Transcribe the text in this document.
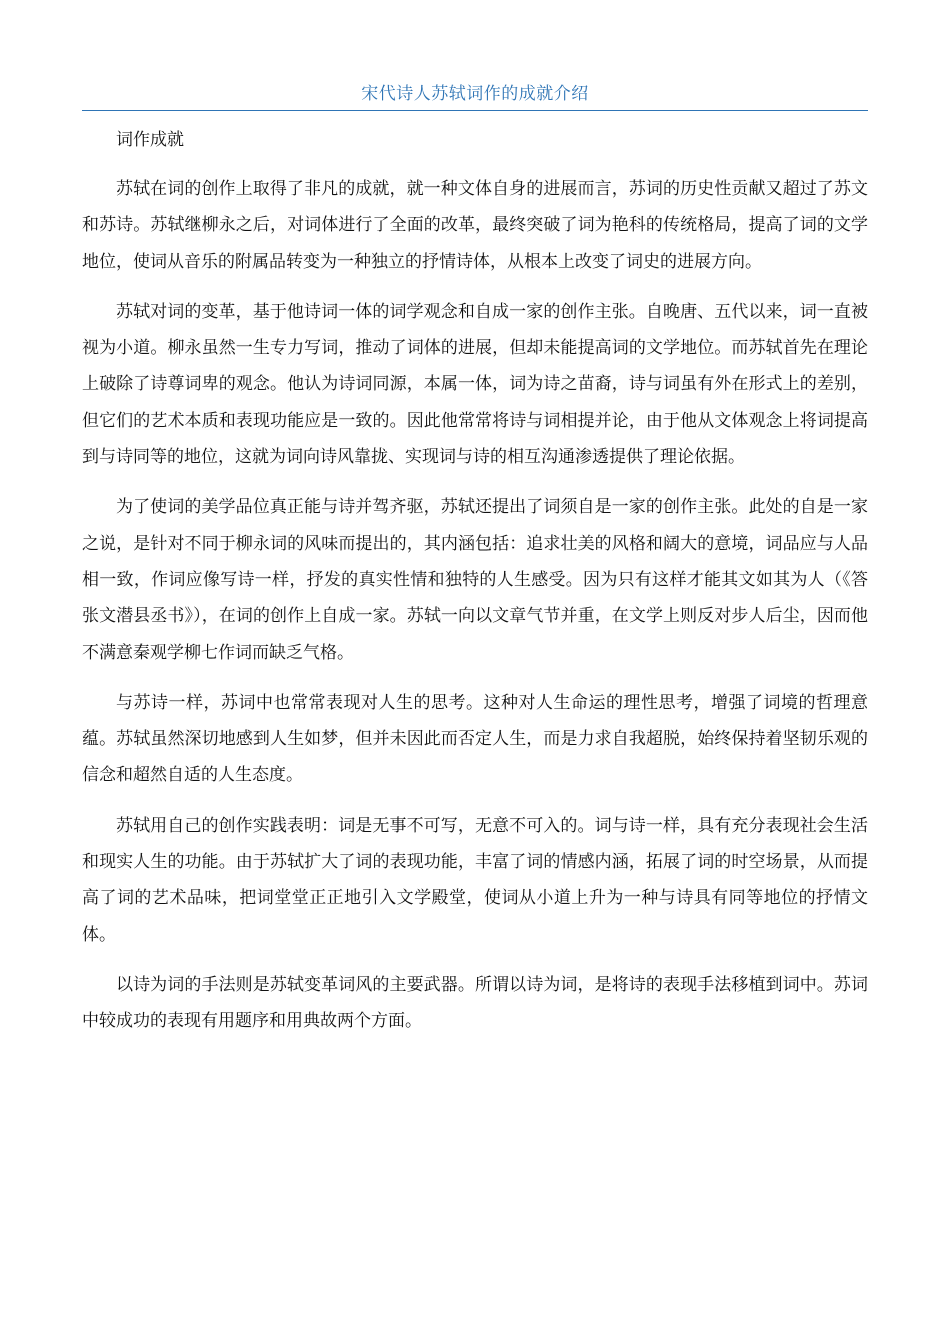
宋代诗人苏轼词作的成就介绍
词作成就

苏轼在词的创作上取得了非凡的成就，就一种文体自身的进展而言，苏词的历史性贡献又超过了苏文和苏诗。苏轼继柳永之后，对词体进行了全面的改革，最终突破了词为艳科的传统格局，提高了词的文学地位，使词从音乐的附属品转变为一种独立的抒情诗体，从根本上改变了词史的进展方向。

苏轼对词的变革，基于他诗词一体的词学观念和自成一家的创作主张。自晚唐、五代以来，词一直被视为小道。柳永虽然一生专力写词，推动了词体的进展，但却未能提高词的文学地位。而苏轼首先在理论上破除了诗尊词卑的观念。他认为诗词同源，本属一体，词为诗之苗裔，诗与词虽有外在形式上的差别，但它们的艺术本质和表现功能应是一致的。因此他常常将诗与词相提并论，由于他从文体观念上将词提高到与诗同等的地位，这就为词向诗风靠拢、实现词与诗的相互沟通渗透提供了理论依据。

为了使词的美学品位真正能与诗并驾齐驱，苏轼还提出了词须自是一家的创作主张。此处的自是一家之说，是针对不同于柳永词的风味而提出的，其内涵包括：追求壮美的风格和阔大的意境，词品应与人品相一致，作词应像写诗一样，抒发的真实性情和独特的人生感受。因为只有这样才能其文如其为人（《答张文潜县丞书》），在词的创作上自成一家。苏轼一向以文章气节并重，在文学上则反对步人后尘，因而他不满意秦观学柳七作词而缺乏气格。

与苏诗一样，苏词中也常常表现对人生的思考。这种对人生命运的理性思考，增强了词境的哲理意蕴。苏轼虽然深切地感到人生如梦，但并未因此而否定人生，而是力求自我超脱，始终保持着坚韧乐观的信念和超然自适的人生态度。

苏轼用自己的创作实践表明：词是无事不可写，无意不可入的。词与诗一样，具有充分表现社会生活和现实人生的功能。由于苏轼扩大了词的表现功能，丰富了词的情感内涵，拓展了词的时空场景，从而提高了词的艺术品味，把词堂堂正正地引入文学殿堂，使词从小道上升为一种与诗具有同等地位的抒情文体。

以诗为词的手法则是苏轼变革词风的主要武器。所谓以诗为词，是将诗的表现手法移植到词中。苏词中较成功的表现有用题序和用典故两个方面。
